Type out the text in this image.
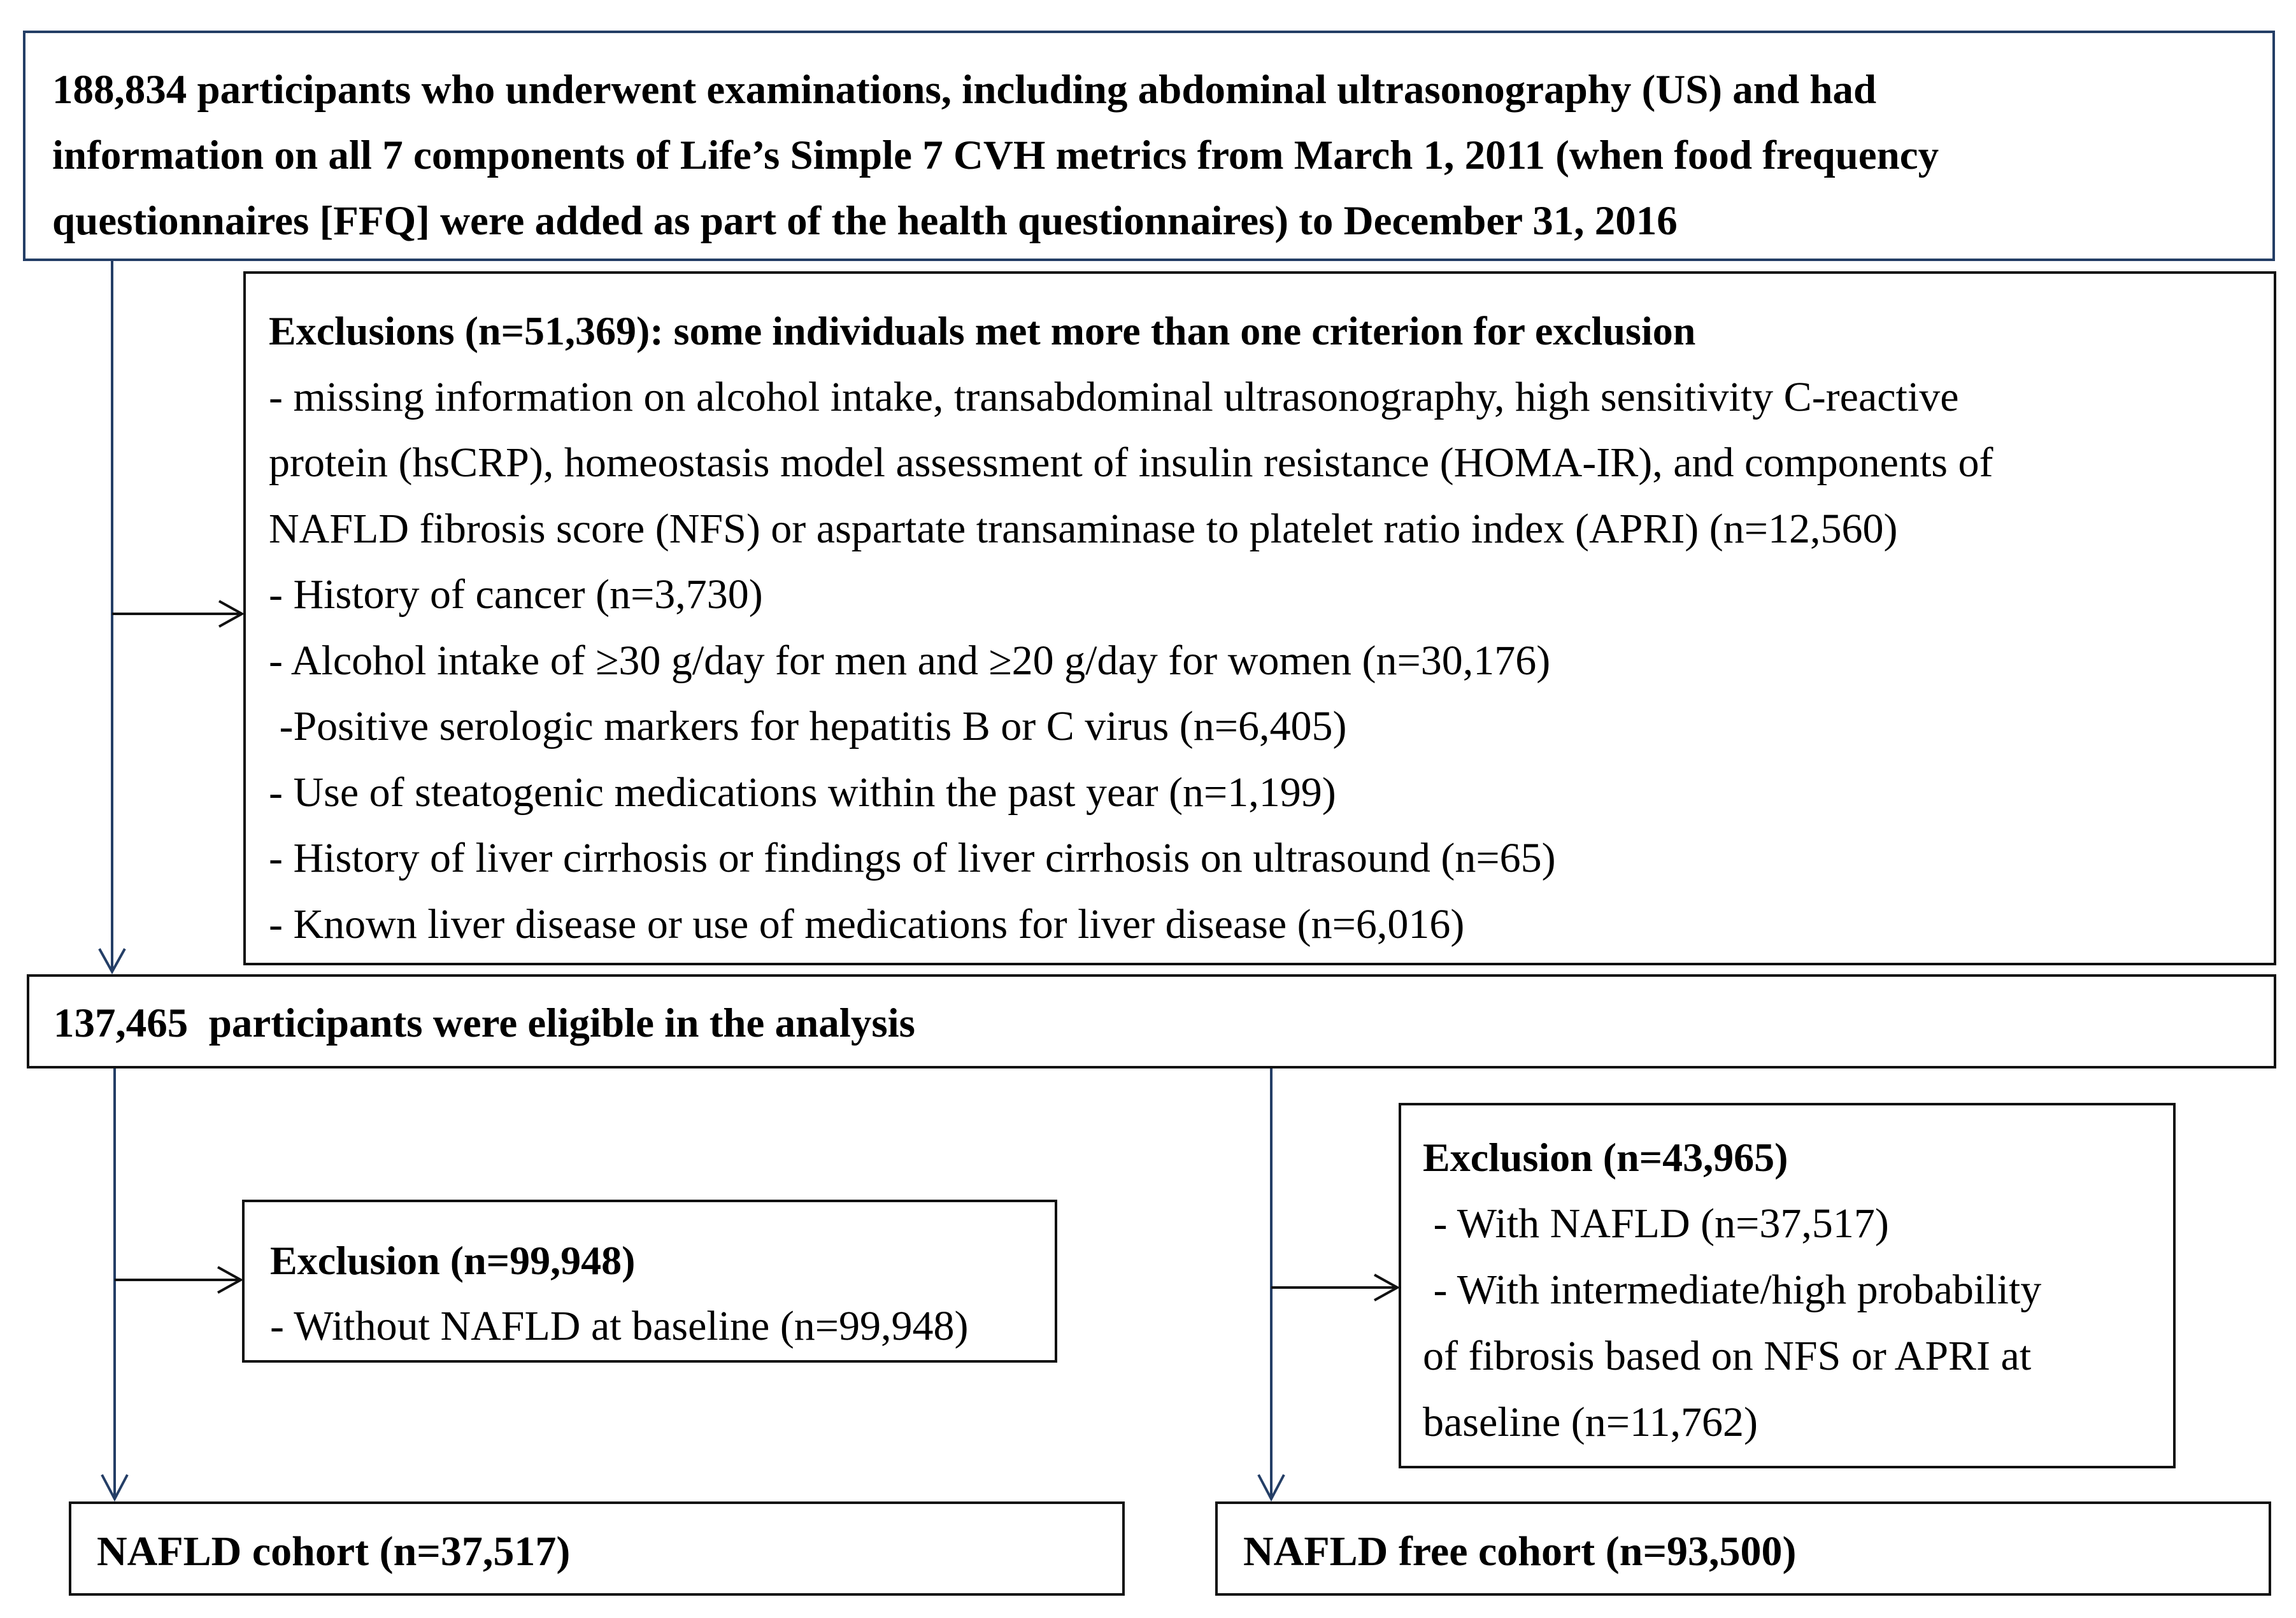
188,834 participants who underwent examinations, including abdominal ultrasonography (US) and had
information on all 7 components of Life’s Simple 7 CVH metrics from March 1, 2011 (when food frequency
questionnaires [FFQ] were added as part of the health questionnaires) to December 31, 2016
Exclusions (n=51,369): some individuals met more than one criterion for exclusion
- missing information on alcohol intake, transabdominal ultrasonography, high sensitivity C-reactive
protein (hsCRP), homeostasis model assessment of insulin resistance (HOMA-IR), and components of
NAFLD fibrosis score (NFS) or aspartate transaminase to platelet ratio index (APRI) (n=12,560)
- History of cancer (n=3,730)
- Alcohol intake of ≥30 g/day for men and ≥20 g/day for women (n=30,176)
-Positive serologic markers for hepatitis B or C virus (n=6,405)
- Use of steatogenic medications within the past year (n=1,199)
- History of liver cirrhosis or findings of liver cirrhosis on ultrasound (n=65)
- Known liver disease or use of medications for liver disease (n=6,016)
137,465  participants were eligible in the analysis
Exclusion (n=99,948)
- Without NAFLD at baseline (n=99,948)
Exclusion (n=43,965)
- With NAFLD (n=37,517)
- With intermediate/high probability
of fibrosis based on NFS or APRI at
baseline (n=11,762)
NAFLD cohort (n=37,517)	NAFLD free cohort (n=93,500)
